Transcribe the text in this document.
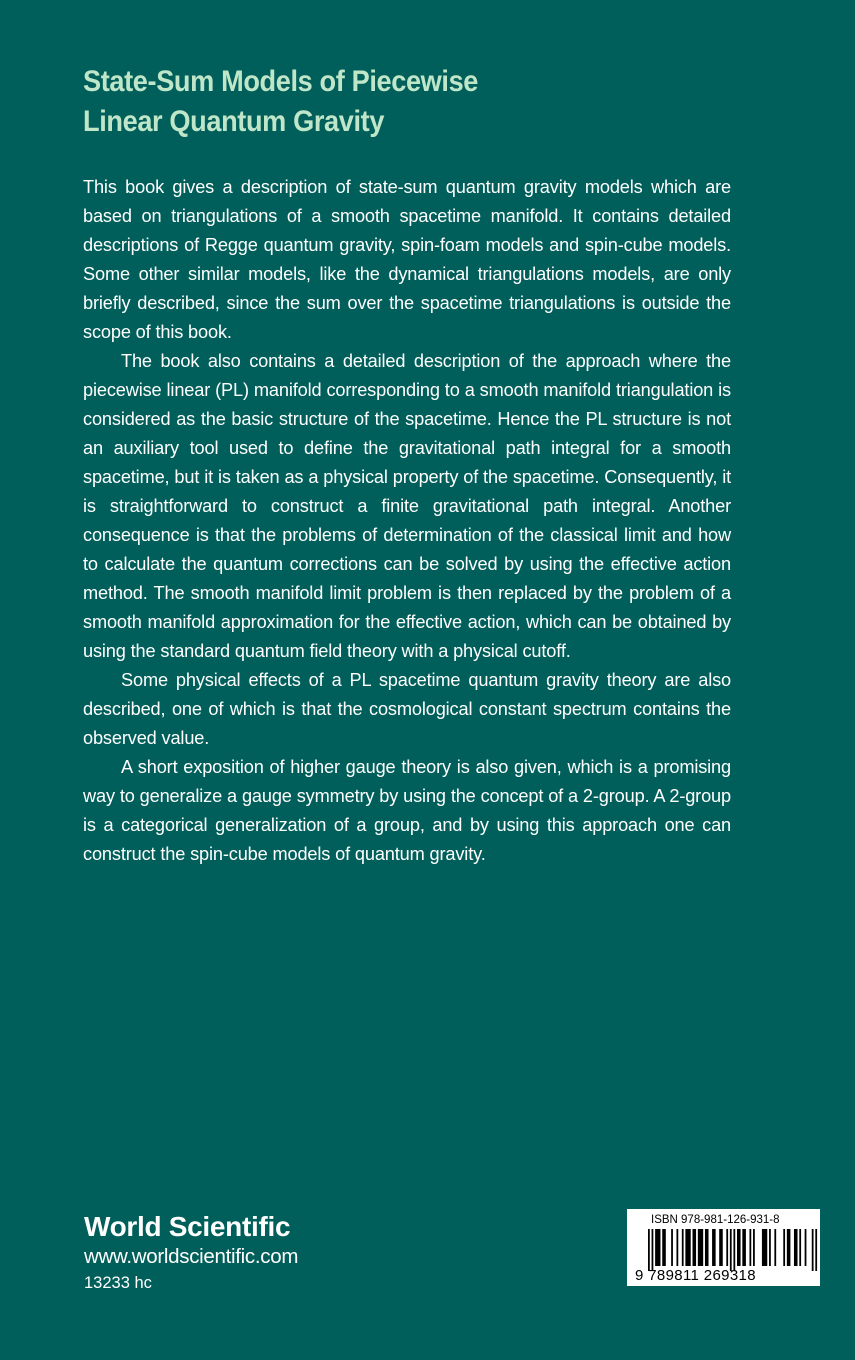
State-Sum Models of Piecewise
Linear Quantum Gravity

This book gives a description of state-sum quantum gravity models which are based on triangulations of a smooth spacetime manifold. It contains detailed descriptions of Regge quantum gravity, spin-foam models and spin-cube models. Some other similar models, like the dynamical triangulations models, are only briefly described, since the sum over the spacetime triangulations is outside the scope of this book.

The book also contains a detailed description of the approach where the piecewise linear (PL) manifold corresponding to a smooth manifold triangulation is considered as the basic structure of the spacetime. Hence the PL structure is not an auxiliary tool used to define the gravitational path integral for a smooth spacetime, but it is taken as a physical property of the spacetime. Consequently, it is straightforward to construct a finite gravitational path integral. Another consequence is that the problems of determination of the classical limit and how to calculate the quantum corrections can be solved by using the effective action method. The smooth manifold limit problem is then replaced by the problem of a smooth manifold approximation for the effective action, which can be obtained by using the standard quantum field theory with a physical cutoff.

Some physical effects of a PL spacetime quantum gravity theory are also described, one of which is that the cosmological constant spectrum contains the observed value.

A short exposition of higher gauge theory is also given, which is a promising way to generalize a gauge symmetry by using the concept of a 2-group. A 2-group is a categorical generalization of a group, and by using this approach one can construct the spin-cube models of quantum gravity.

World Scientific
www.worldscientific.com
13233 hc
ISBN 978-981-126-931-8
9 789811 269318
